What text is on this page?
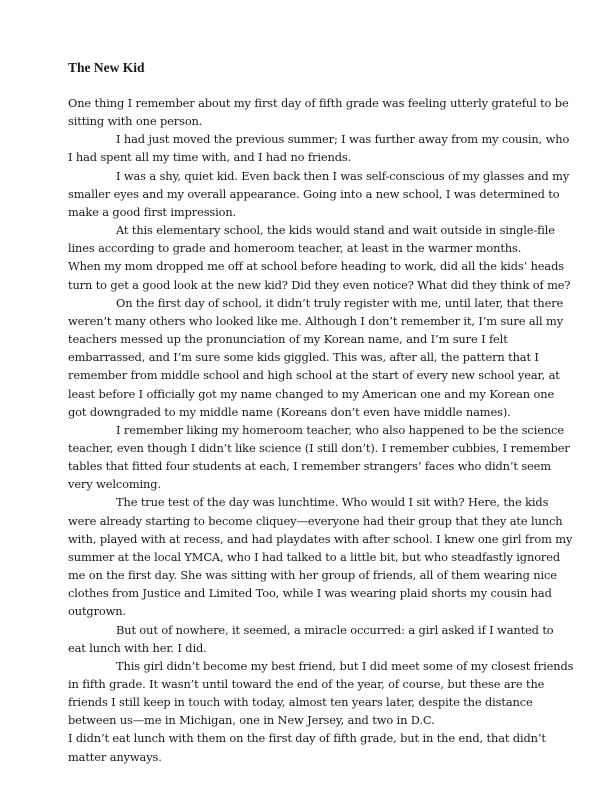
The New Kid

One thing I remember about my first day of fifth grade was feeling utterly grateful to be sitting with one person.

I had just moved the previous summer; I was further away from my cousin, who I had spent all my time with, and I had no friends.

I was a shy, quiet kid. Even back then I was self-conscious of my glasses and my smaller eyes and my overall appearance. Going into a new school, I was determined to make a good first impression.

At this elementary school, the kids would stand and wait outside in single-file lines according to grade and homeroom teacher, at least in the warmer months.

When my mom dropped me off at school before heading to work, did all the kids’ heads turn to get a good look at the new kid? Did they even notice? What did they think of me?

On the first day of school, it didn’t truly register with me, until later, that there weren’t many others who looked like me. Although I don’t remember it, I’m sure all my teachers messed up the pronunciation of my Korean name, and I’m sure I felt embarrassed, and I’m sure some kids giggled. This was, after all, the pattern that I remember from middle school and high school at the start of every new school year, at least before I officially got my name changed to my American one and my Korean one got downgraded to my middle name (Koreans don’t even have middle names).

I remember liking my homeroom teacher, who also happened to be the science teacher, even though I didn’t like science (I still don’t). I remember cubbies, I remember tables that fitted four students at each, I remember strangers’ faces who didn’t seem very welcoming.

The true test of the day was lunchtime. Who would I sit with? Here, the kids were already starting to become cliquey—everyone had their group that they ate lunch with, played with at recess, and had playdates with after school. I knew one girl from my summer at the local YMCA, who I had talked to a little bit, but who steadfastly ignored me on the first day. She was sitting with her group of friends, all of them wearing nice clothes from Justice and Limited Too, while I was wearing plaid shorts my cousin had outgrown.

But out of nowhere, it seemed, a miracle occurred: a girl asked if I wanted to eat lunch with her. I did.

This girl didn’t become my best friend, but I did meet some of my closest friends in fifth grade. It wasn’t until toward the end of the year, of course, but these are the friends I still keep in touch with today, almost ten years later, despite the distance between us—me in Michigan, one in New Jersey, and two in D.C.

I didn’t eat lunch with them on the first day of fifth grade, but in the end, that didn’t matter anyways.
